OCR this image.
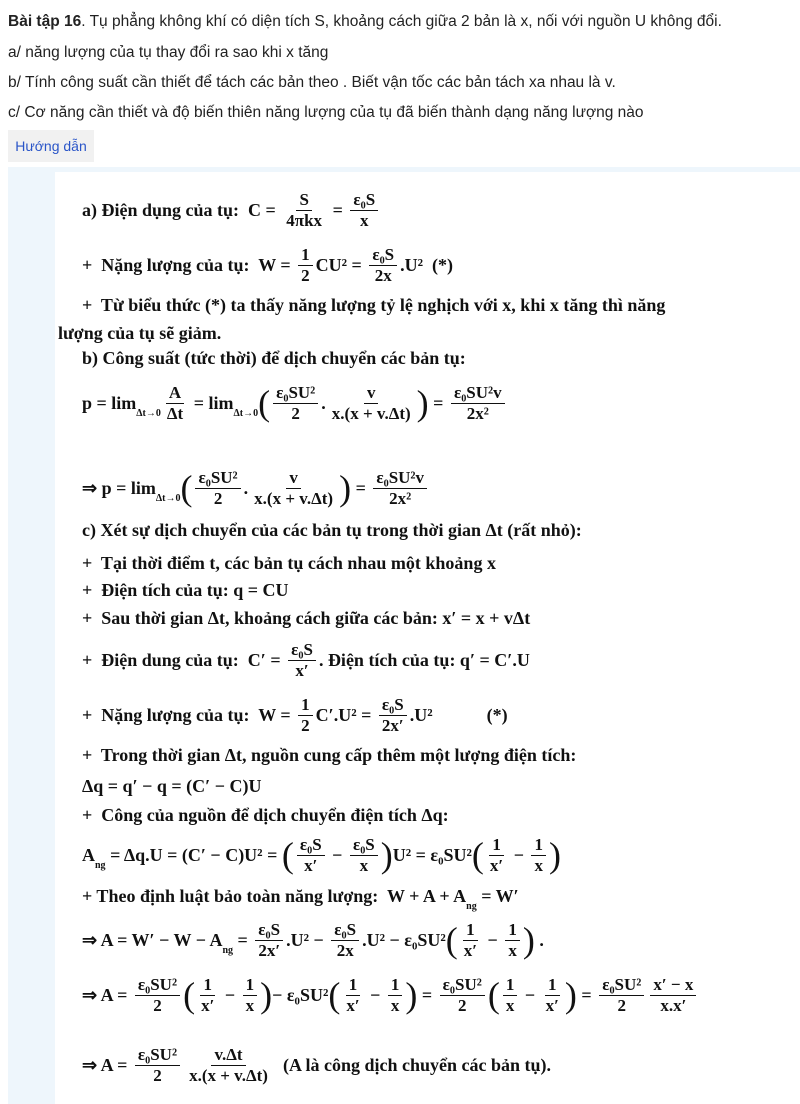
Bài tập 16. Tụ phẳng không khí có diện tích S, khoảng cách giữa 2 bản là x, nối với nguồn U không đổi.
a/ năng lượng của tụ thay đổi ra sao khi x tăng
b/ Tính công suất cần thiết để tách các bản theo . Biết vận tốc các bản tách xa nhau là v.
c/ Cơ năng cần thiết và độ biến thiên năng lượng của tụ đã biến thành dạng năng lượng nào
Hướng dẫn
a) Điện dụng của tụ:  $C = \frac{S}{\text{4πkx}} = \frac{\text{ε₀S}}{x}$
+  Nặng lượng của tụ:  $W = \frac{1}{2} CU^2 = \frac{\text{ε₀S}}{2x} .U^2$  (*)
+  Từ biểu thức (*) ta thấy năng lượng tỷ lệ nghịch với x, khi x tăng thì năng
lượng của tụ sẽ giảm.
b) Công suất (tức thời) để dịch chuyển các bản tụ:
p = lim
$\Delta t\to 0 \frac{A}{\Delta t} = \lim$
Δt→0 ( $\frac{\text{ε₀SU²}}{2}$ . $\frac{v}{x.(x + v.\Delta t)}$ ) = $\frac{\text{ε₀SU²v}}{\text{2x²}}$
⇒ p = lim
Δt→0 ( $\frac{\text{ε₀SU²}}{2}$ . $\frac{v}{x.(x + v.\Delta t)}$ ) = $\frac{\text{ε₀SU²v}}{\text{2x²}}$
c) Xét sự dịch chuyển của các bản tụ trong thời gian Δt (rất nhỏ):
+  Tại thời điểm t, các bản tụ cách nhau một khoảng x
+  Điện tích của tụ: q = CU
+  Sau thời gian Δt, khoảng cách giữa các bản: x′ = x + vΔt
+  Điện dung của tụ:  $C' = \frac{\text{ε₀S}}{x'}$ . Điện tích của tụ: q′ = C′.U
+  Nặng lượng của tụ:  $W = \frac{1}{2} C'.U^2 = \frac{\text{ε₀S}}{2x'} .U^2$            (*)
+  Trong thời gian Δt, nguồn cung cấp thêm một lượng điện tích:
Δq = q′ − q = (C′ − C)U
+  Công của nguồn để dịch chuyển điện tích Δq:
A
ng
= Δq.U = (C′ − C)U² = ( $\frac{\text{ε₀S}}{x'} - \frac{\text{ε₀S}}{x}$ ) U² = ε₀SU² ( $\frac{1}{x'} - \frac{1}{x}$ )
+ Theo định luật bảo toàn năng lượng:  W + A + A
ng
= W′
⇒ A = W′ − W − A
ng
= $\frac{\text{ε₀S}}{2x'} .U^2 - \frac{\text{ε₀S}}{2x} .U^2 - \varepsilon_0SU^2$ ( $\frac{1}{x'} - \frac{1}{x}$ ) .
⇒ $A = \frac{\text{ε₀SU²}}{2}$ ( $\frac{1}{x'} - \frac{1}{x}$ ) − ε₀SU² ( $\frac{1}{x'} - \frac{1}{x}$ ) = $\frac{\text{ε₀SU²}}{2}$ ( $\frac{1}{x} - \frac{1}{x'}$ ) = $\frac{\text{ε₀SU²}}{2} \frac{x' - x}{x.x'}$
⇒ $A = \frac{\text{ε₀SU²}}{2} \frac{v.\Delta t}{x.(x + v.\Delta t)} (A$ là công dịch chuyển các bản tụ).
